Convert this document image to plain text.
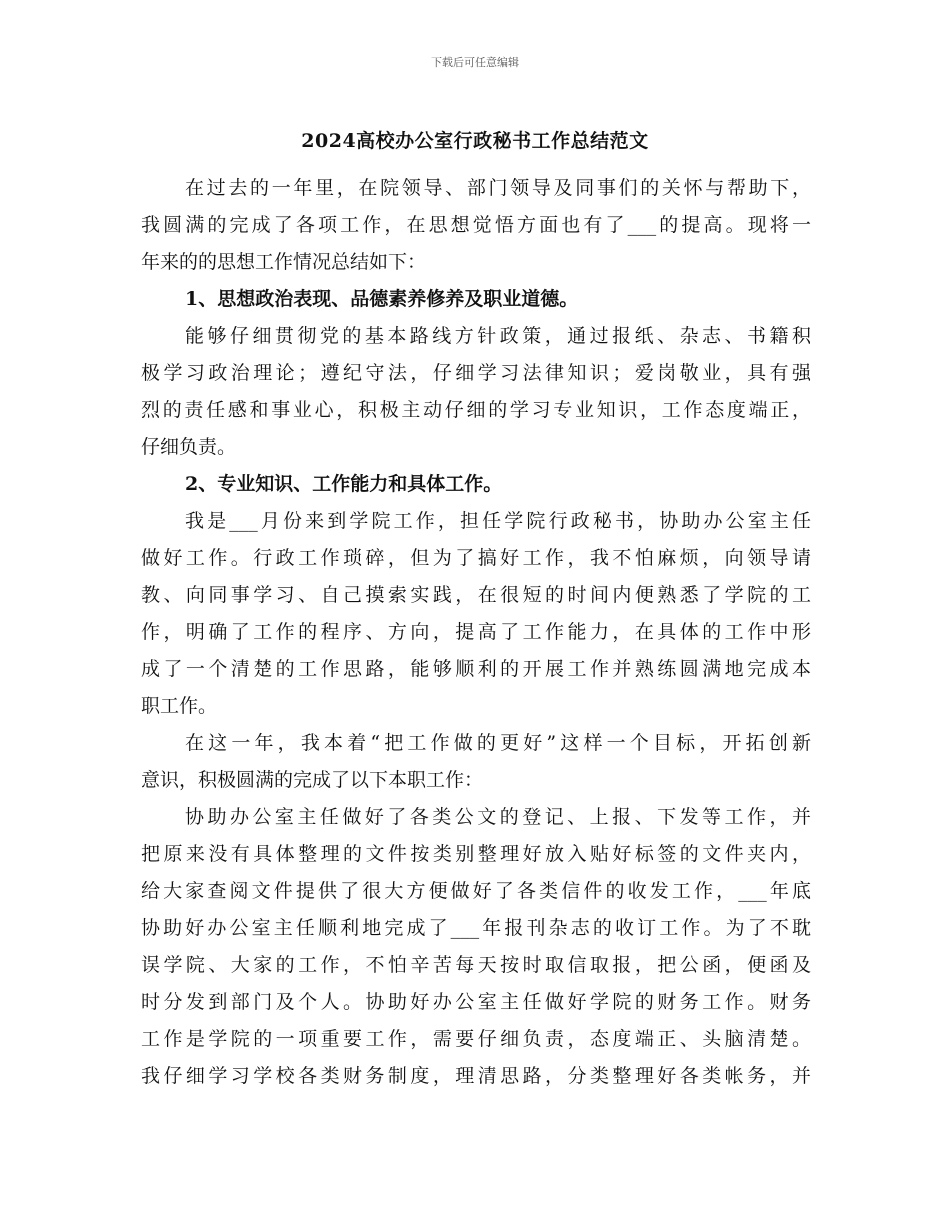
下载后可任意编辑
2024高校办公室行政秘书工作总结范文
在过去的一年里，在院领导、部门领导及同事们的关怀与帮助下，
我圆满的完成了各项工作，在思想觉悟方面也有了___的提高。现将一
年来的的思想工作情况总结如下：
1、思想政治表现、品德素养修养及职业道德。
能够仔细贯彻党的基本路线方针政策，通过报纸、杂志、书籍积
极学习政治理论；遵纪守法，仔细学习法律知识；爱岗敬业，具有强
烈的责任感和事业心，积极主动仔细的学习专业知识，工作态度端正，
仔细负责。
2、专业知识、工作能力和具体工作。
我是___月份来到学院工作，担任学院行政秘书，协助办公室主任
做好工作。行政工作琐碎，但为了搞好工作，我不怕麻烦，向领导请
教、向同事学习、自己摸索实践，在很短的时间内便熟悉了学院的工
作，明确了工作的程序、方向，提高了工作能力，在具体的工作中形
成了一个清楚的工作思路，能够顺利的开展工作并熟练圆满地完成本
职工作。
在这一年，我本着“把工作做的更好”这样一个目标，开拓创新
意识，积极圆满的完成了以下本职工作：
协助办公室主任做好了各类公文的登记、上报、下发等工作，并
把原来没有具体整理的文件按类别整理好放入贴好标签的文件夹内，
给大家查阅文件提供了很大方便做好了各类信件的收发工作，___年底
协助好办公室主任顺利地完成了___年报刊杂志的收订工作。为了不耽
误学院、大家的工作，不怕辛苦每天按时取信取报，把公函，便函及
时分发到部门及个人。协助好办公室主任做好学院的财务工作。财务
工作是学院的一项重要工作，需要仔细负责，态度端正、头脑清楚。
我仔细学习学校各类财务制度，理清思路，分类整理好各类帐务，并
